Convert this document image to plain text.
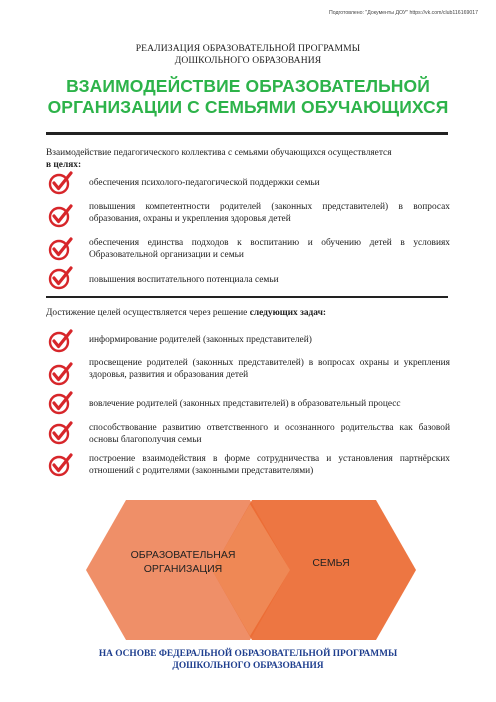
Подготовлено: "Документы ДОУ" https://vk.com/club116169017
РЕАЛИЗАЦИЯ ОБРАЗОВАТЕЛЬНОЙ ПРОГРАММЫ
ДОШКОЛЬНОГО ОБРАЗОВАНИЯ
ВЗАИМОДЕЙСТВИЕ ОБРАЗОВАТЕЛЬНОЙ
ОРГАНИЗАЦИИ С СЕМЬЯМИ ОБУЧАЮЩИХСЯ
Взаимодействие педагогического коллектива с семьями обучающихся осуществляется
в целях:
обеспечения психолого-педагогической поддержки семьи
повышения компетентности родителей (законных представителей) в вопросах образования, охраны и укрепления здоровья детей
обеспечения единства подходов к воспитанию и обучению детей в условиях Образовательной организации и семьи
повышения воспитательного потенциала семьи
Достижение целей осуществляется через решение следующих задач:
информирование родителей (законных представителей)
просвещение родителей (законных представителей) в вопросах охраны и укрепления здоровья, развития и образования детей
вовлечение родителей (законных представителей) в образовательный процесс
способствование развитию ответственного и осознанного родительства как базовой основы благополучия семьи
построение взаимодействия в форме сотрудничества и установления партнёрских отношений с родителями (законными представителями)
ОБРАЗОВАТЕЛЬНАЯ
ОРГАНИЗАЦИЯ	СЕМЬЯ
НА ОСНОВЕ ФЕДЕРАЛЬНОЙ ОБРАЗОВАТЕЛЬНОЙ ПРОГРАММЫ
ДОШКОЛЬНОГО ОБРАЗОВАНИЯ
